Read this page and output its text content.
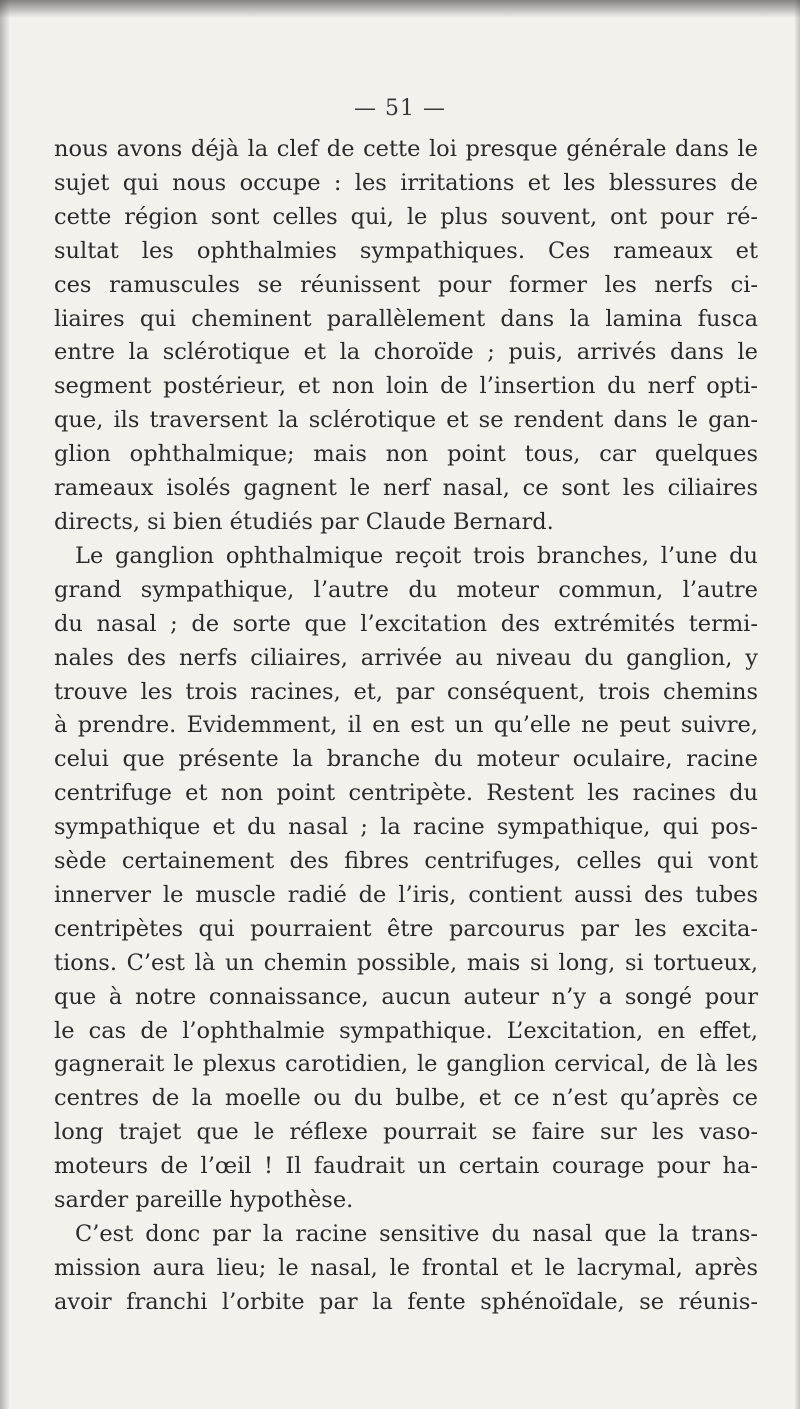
— 51 —
nous avons déjà la clef de cette loi presque générale dans le
sujet qui nous occupe : les irritations et les blessures de
cette région sont celles qui, le plus souvent, ont pour ré-
sultat les ophthalmies sympathiques. Ces rameaux et
ces ramuscules se réunissent pour former les nerfs ci-
liaires qui cheminent parallèlement dans la lamina fusca
entre la sclérotique et la choroïde ; puis, arrivés dans le
segment postérieur, et non loin de l’insertion du nerf opti-
que, ils traversent la sclérotique et se rendent dans le gan-
glion ophthalmique; mais non point tous, car quelques
rameaux isolés gagnent le nerf nasal, ce sont les ciliaires
directs, si bien étudiés par Claude Bernard.
Le ganglion ophthalmique reçoit trois branches, l’une du
grand sympathique, l’autre du moteur commun, l’autre
du nasal ; de sorte que l’excitation des extrémités termi-
nales des nerfs ciliaires, arrivée au niveau du ganglion, y
trouve les trois racines, et, par conséquent, trois chemins
à prendre. Evidemment, il en est un qu’elle ne peut suivre,
celui que présente la branche du moteur oculaire, racine
centrifuge et non point centripète. Restent les racines du
sympathique et du nasal ; la racine sympathique, qui pos-
sède certainement des fibres centrifuges, celles qui vont
innerver le muscle radié de l’iris, contient aussi des tubes
centripètes qui pourraient être parcourus par les excita-
tions. C’est là un chemin possible, mais si long, si tortueux,
que à notre connaissance, aucun auteur n’y a songé pour
le cas de l’ophthalmie sympathique. L’excitation, en effet,
gagnerait le plexus carotidien, le ganglion cervical, de là les
centres de la moelle ou du bulbe, et ce n’est qu’après ce
long trajet que le réflexe pourrait se faire sur les vaso-
moteurs de l’œil ! Il faudrait un certain courage pour ha-
sarder pareille hypothèse.
C’est donc par la racine sensitive du nasal que la trans-
mission aura lieu; le nasal, le frontal et le lacrymal, après
avoir franchi l’orbite par la fente sphénoïdale, se réunis-
